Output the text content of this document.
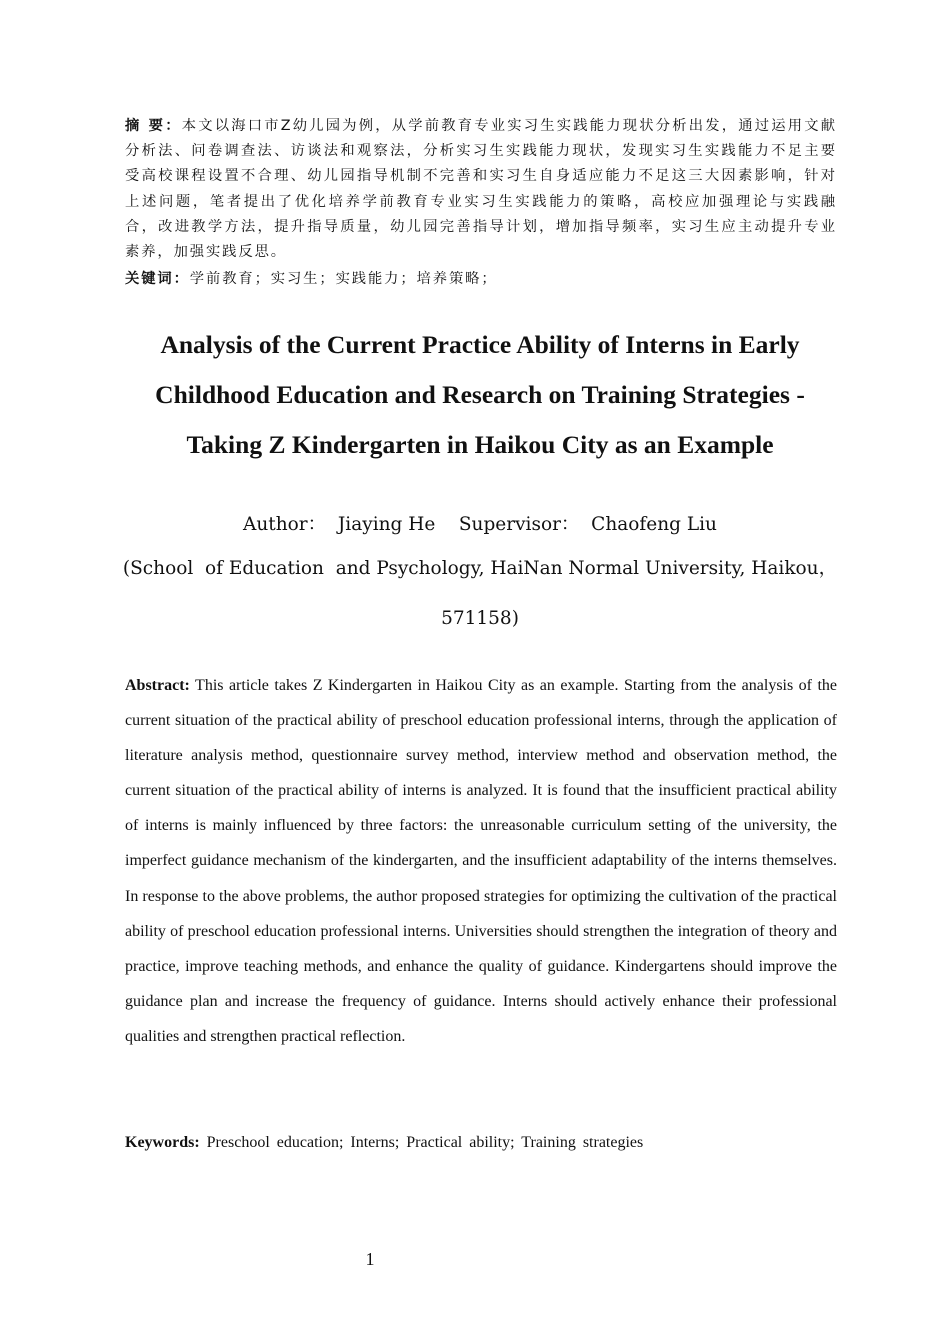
摘 要：本文以海口市Z幼儿园为例，从学前教育专业实习生实践能力现状分析出发，通过运用文献分析法、问卷调查法、访谈法和观察法，分析实习生实践能力现状，发现实习生实践能力不足主要受高校课程设置不合理、幼儿园指导机制不完善和实习生自身适应能力不足这三大因素影响，针对上述问题，笔者提出了优化培养学前教育专业实习生实践能力的策略，高校应加强理论与实践融合，改进教学方法，提升指导质量，幼儿园完善指导计划，增加指导频率，实习生应主动提升专业素养，加强实践反思。

关键词：学前教育；实习生；实践能力；培养策略；

Analysis of the Current Practice Ability of Interns in Early
Childhood Education and Research on Training Strategies -
Taking Z Kindergarten in Haikou City as an Example

Author：  Jiaying He    Supervisor：  Chaofeng Liu

(School  of Education  and Psychology, HaiNan Normal University, Haikou，
571158)

Abstract: This article takes Z Kindergarten in Haikou City as an example. Starting from the analysis of the current situation of the practical ability of preschool education professional interns, through the application of literature analysis method, questionnaire survey method, interview method and observation method, the current situation of the practical ability of interns is analyzed. It is found that the insufficient practical ability of interns is mainly influenced by three factors: the unreasonable curriculum setting of the university, the imperfect guidance mechanism of the kindergarten, and the insufficient adaptability of the interns themselves. In response to the above problems, the author proposed strategies for optimizing the cultivation of the practical ability of preschool education professional interns. Universities should strengthen the integration of theory and practice, improve teaching methods, and enhance the quality of guidance. Kindergartens should improve the guidance plan and increase the frequency of guidance. Interns should actively enhance their professional qualities and strengthen practical reflection.

Keywords: Preschool education; Interns; Practical ability; Training strategies

1
